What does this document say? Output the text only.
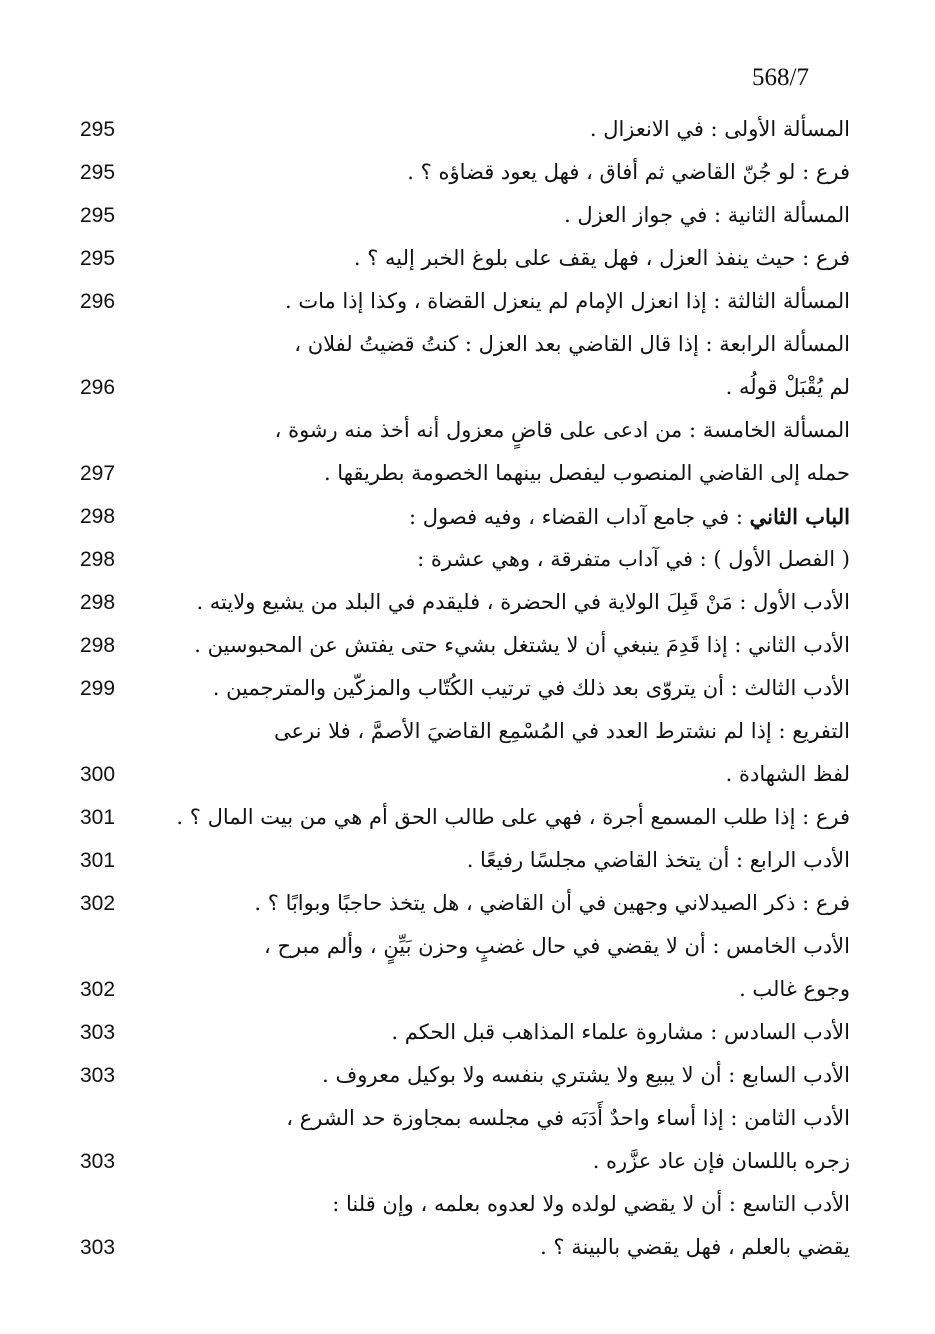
568/7
المسألة الأولى : في الانعزال .
295
فرع : لو جُنّ القاضي ثم أفاق ، فهل يعود قضاؤه ؟ .
295
المسألة الثانية : في جواز العزل .
295
فرع : حيث ينفذ العزل ، فهل يقف على بلوغ الخبر إليه ؟ .
295
المسألة الثالثة : إذا انعزل الإمام لم ينعزل القضاة ، وكذا إذا مات .
296
المسألة الرابعة : إذا قال القاضي بعد العزل : كنتُ قضيتُ لفلان ،
لم يُقْبَلْ قولُه .
296
المسألة الخامسة : من ادعى على قاضٍ معزول أنه أخذ منه رشوة ،
حمله إلى القاضي المنصوب ليفصل بينهما الخصومة بطريقها .
297
الباب الثاني : في جامع آداب القضاء ، وفيه فصول :
298
( الفصل الأول ) : في آداب متفرقة ، وهي عشرة :
298
الأدب الأول : مَنْ قَبِلَ الولاية في الحضرة ، فليقدم في البلد من يشيع ولايته .
298
الأدب الثاني : إذا قَدِمَ ينبغي أن لا يشتغل بشيء حتى يفتش عن المحبوسين .
298
الأدب الثالث : أن يتروّى بعد ذلك في ترتيب الكُتّاب والمزكّين والمترجمين .
299
التفريع : إذا لم نشترط العدد في المُسْمِع القاضيَ الأصمَّ ، فلا نرعى
لفظ الشهادة .
300
فرع : إذا طلب المسمع أجرة ، فهي على طالب الحق أم هي من بيت المال ؟ .
301
الأدب الرابع : أن يتخذ القاضي مجلسًا رفيعًا .
301
فرع : ذكر الصيدلاني وجهين في أن القاضي ، هل يتخذ حاجبًا وبوابًا ؟ .
302
الأدب الخامس : أن لا يقضي في حال غضبٍ وحزن بَيِّنٍ ، وألم مبرح ،
وجوع غالب .
302
الأدب السادس : مشاروة علماء المذاهب قبل الحكم .
303
الأدب السابع : أن لا يبيع ولا يشتري بنفسه ولا بوكيل معروف .
303
الأدب الثامن : إذا أساء واحدٌ أَدَبَه في مجلسه بمجاوزة حد الشرع ،
زجره باللسان فإن عاد عزَّره .
303
الأدب التاسع : أن لا يقضي لولده ولا لعدوه بعلمه ، وإن قلنا :
يقضي بالعلم ، فهل يقضي بالبينة ؟ .
303
